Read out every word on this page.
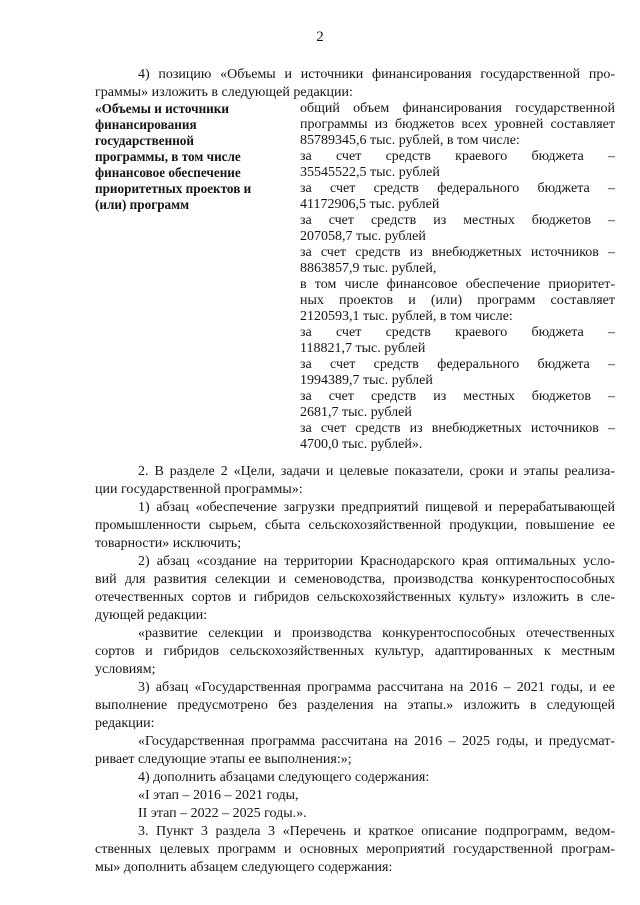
2
4) позицию «Объемы и источники финансирования государственной про-
граммы» изложить в следующей редакции:
«Объемы и источники
финансирования
государственной
программы, в том числе
финансовое обеспечение
приоритетных проектов и
(или) программ
общий объем финансирования государственной
программы из бюджетов всех уровней составляет
85789345,6 тыс. рублей, в том числе:
за счет средств краевого бюджета –
35545522,5 тыс. рублей
за счет средств федерального бюджета –
41172906,5 тыс. рублей
за счет средств из местных бюджетов –
207058,7 тыс. рублей
за счет средств из внебюджетных источников –
8863857,9 тыс. рублей,
в том числе финансовое обеспечение приоритет-
ных проектов и (или) программ составляет
2120593,1 тыс. рублей, в том числе:
за счет средств краевого бюджета –
118821,7 тыс. рублей
за счет средств федерального бюджета –
1994389,7 тыс. рублей
за счет средств из местных бюджетов –
2681,7 тыс. рублей
за счет средств из внебюджетных источников –
4700,0 тыс. рублей».
2. В разделе 2 «Цели, задачи и целевые показатели, сроки и этапы реализа-
ции государственной программы»:
1) абзац «обеспечение загрузки предприятий пищевой и перерабатывающей
промышленности сырьем, сбыта сельскохозяйственной продукции, повышение ее
товарности» исключить;
2) абзац «создание на территории Краснодарского края оптимальных усло-
вий для развития селекции и семеноводства, производства конкурентоспособных
отечественных сортов и гибридов сельскохозяйственных культу» изложить в сле-
дующей редакции:
«развитие селекции и производства конкурентоспособных отечественных
сортов и гибридов сельскохозяйственных культур, адаптированных к местным
условиям;
3) абзац «Государственная программа рассчитана на 2016 – 2021 годы, и ее
выполнение предусмотрено без разделения на этапы.» изложить в следующей
редакции:
«Государственная программа рассчитана на 2016 – 2025 годы, и предусмат-
ривает следующие этапы ее выполнения:»;
4) дополнить абзацами следующего содержания:
«I этап – 2016 – 2021 годы,
II этап – 2022 – 2025 годы.».
3. Пункт 3 раздела 3 «Перечень и краткое описание подпрограмм, ведом-
ственных целевых программ и основных мероприятий государственной програм-
мы» дополнить абзацем следующего содержания:
